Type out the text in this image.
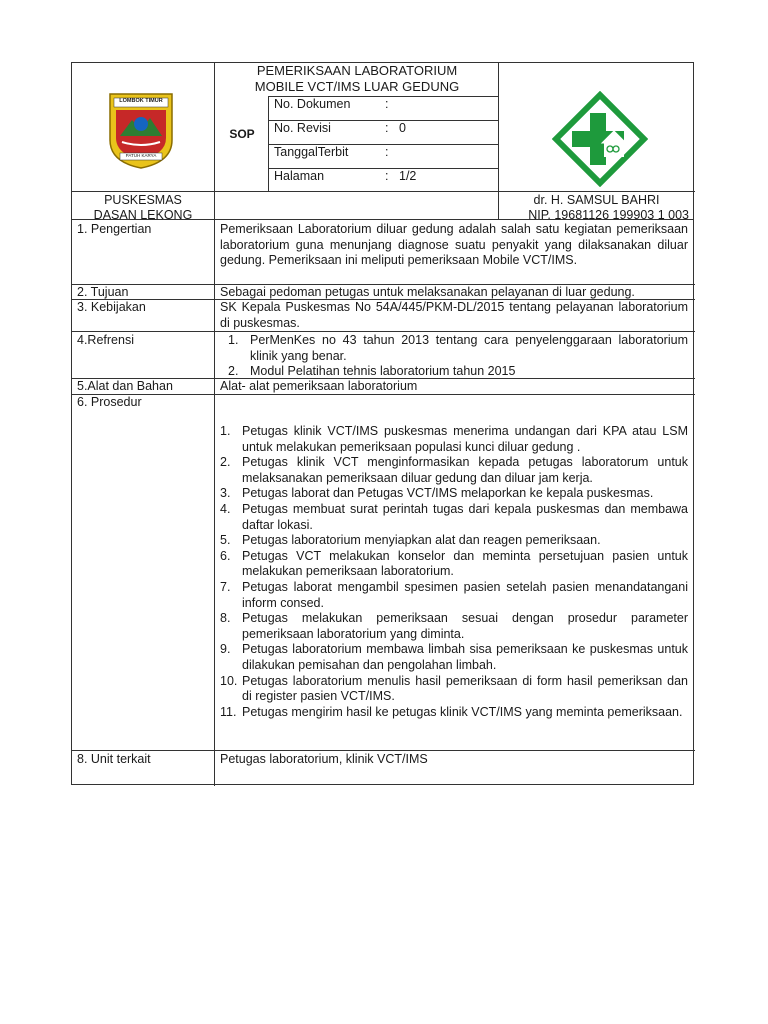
LOMBOK TIMUR
PATUH KARYA
PEMERIKSAAN LABORATORIUM
MOBILE VCT/IMS LUAR GEDUNG
SOP
No. Dokumen	:
No. Revisi	: 0
TanggalTerbit	:
Halaman	: 1/2
PUSKESMAS
DASAN LEKONG
dr. H. SAMSUL BAHRI
NIP. 19681126 199903 1 003
1. Pengertian	Pemeriksaan Laboratorium diluar gedung adalah salah satu kegiatan pemeriksaan laboratorium guna menunjang diagnose suatu penyakit yang dilaksanakan diluar gedung. Pemeriksaan ini meliputi pemeriksaan Mobile VCT/IMS.
2. Tujuan	Sebagai pedoman petugas untuk melaksanakan pelayanan di luar gedung.
3. Kebijakan	SK Kepala Puskesmas No 54A/445/PKM-DL/2015 tentang pelayanan laboratorium di puskesmas.
4.Refrensi	1. PerMenKes no 43 tahun 2013 tentang cara penyelenggaraan laboratorium klinik yang benar.
2. Modul Pelatihan tehnis laboratorium tahun 2015
5.Alat dan Bahan	Alat- alat pemeriksaan laboratorium
6. Prosedur
1. Petugas klinik VCT/IMS puskesmas menerima undangan dari KPA atau LSM untuk melakukan pemeriksaan populasi kunci diluar gedung .
2. Petugas klinik VCT menginformasikan kepada petugas laboratorum untuk melaksanakan pemeriksaan diluar gedung dan diluar jam kerja.
3. Petugas laborat dan Petugas VCT/IMS melaporkan ke kepala puskesmas.
4. Petugas membuat surat perintah tugas dari kepala puskesmas dan membawa daftar lokasi.
5. Petugas laboratorium menyiapkan alat dan reagen pemeriksaan.
6. Petugas VCT melakukan konselor dan meminta persetujuan pasien untuk melakukan pemeriksaan laboratorium.
7. Petugas laborat mengambil spesimen pasien setelah pasien menandatangani inform consed.
8. Petugas melakukan pemeriksaan sesuai dengan prosedur parameter pemeriksaan laboratorium yang diminta.
9. Petugas laboratorium membawa limbah sisa pemeriksaan ke puskesmas untuk dilakukan pemisahan dan pengolahan limbah.
10. Petugas laboratorium menulis hasil pemeriksaan di form hasil pemeriksan dan di register pasien VCT/IMS.
11. Petugas mengirim hasil ke petugas klinik VCT/IMS yang meminta pemeriksaan.
8. Unit terkait	Petugas laboratorium, klinik VCT/IMS
